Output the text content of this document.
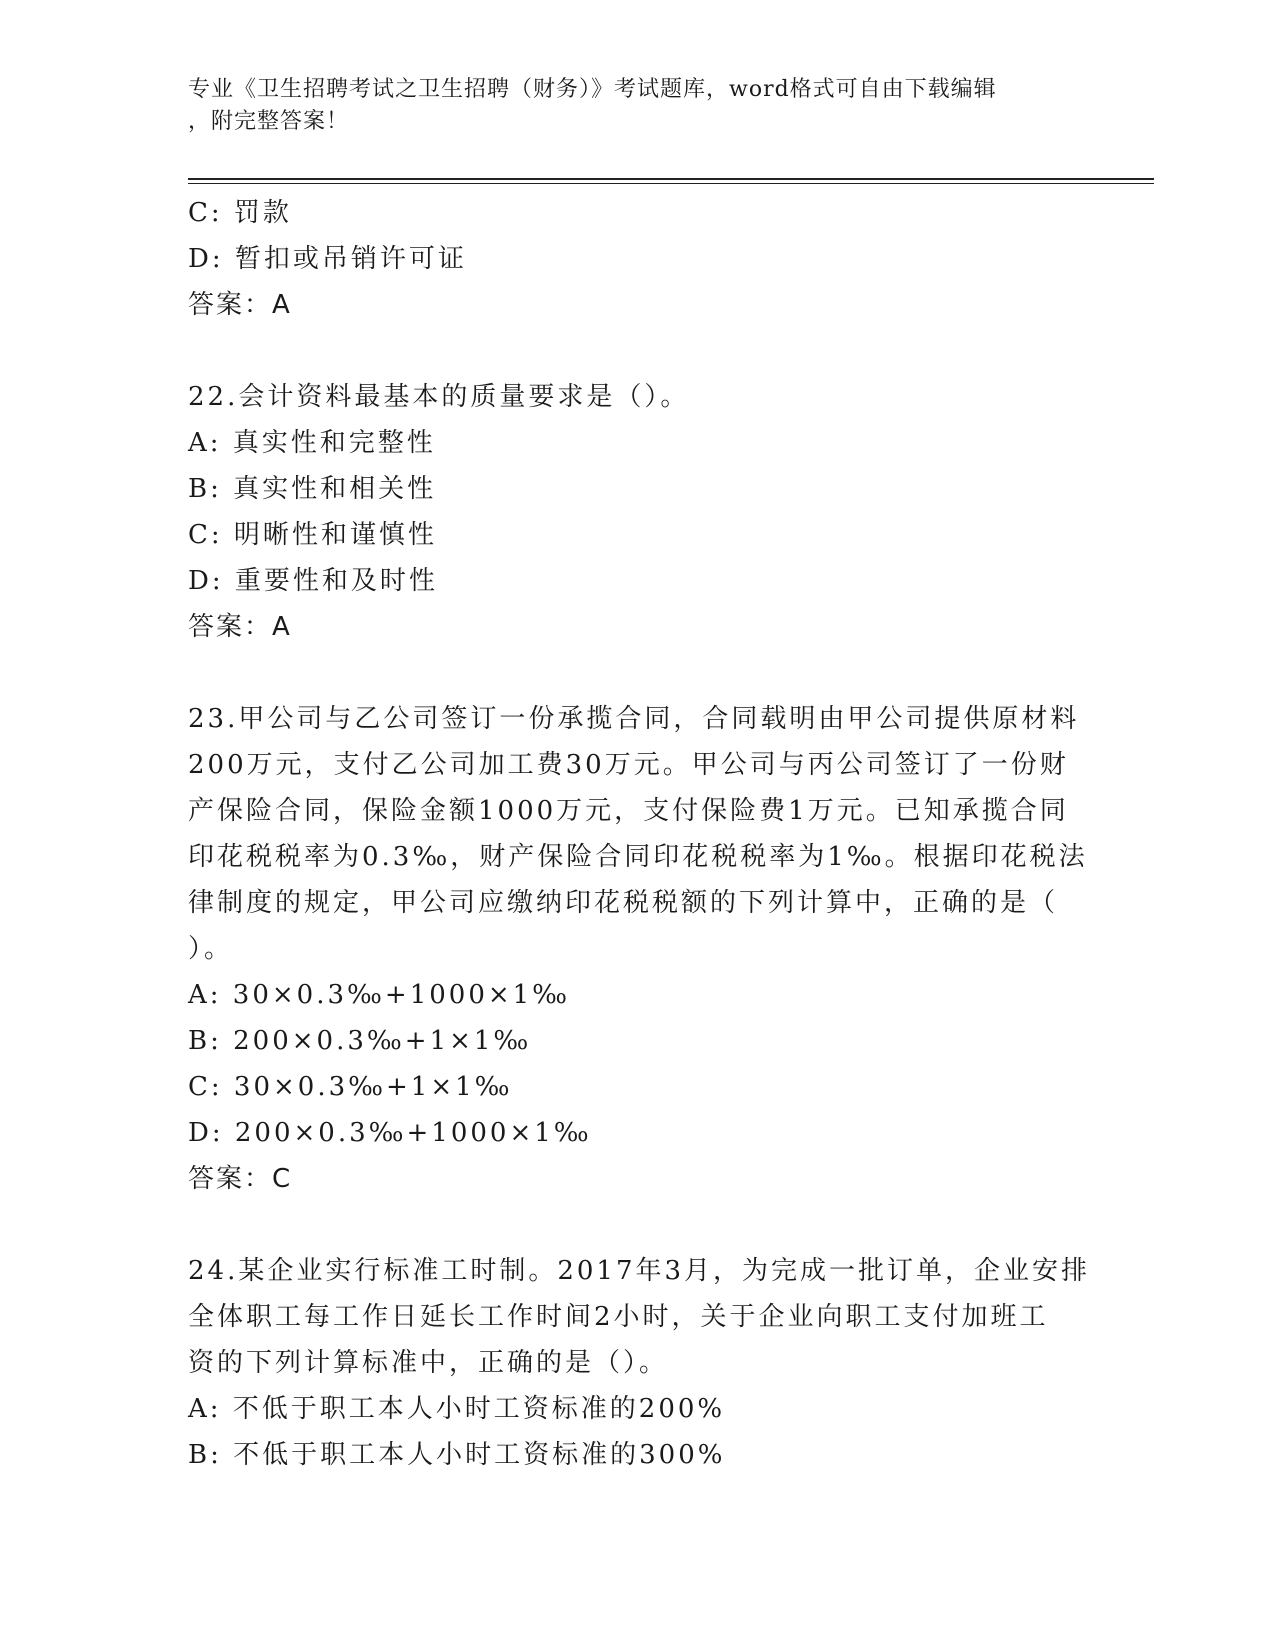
专业《卫生招聘考试之卫生招聘（财务）》考试题库，word格式可自由下载编辑
，附完整答案！
C: 罚款
D: 暂扣或吊销许可证
答案：A
22.会计资料最基本的质量要求是（）。
A: 真实性和完整性
B: 真实性和相关性
C: 明晰性和谨慎性
D: 重要性和及时性
答案：A
23.甲公司与乙公司签订一份承揽合同，合同载明由甲公司提供原材料
200万元，支付乙公司加工费30万元。甲公司与丙公司签订了一份财
产保险合同，保险金额1000万元，支付保险费1万元。已知承揽合同
印花税税率为0.3‰，财产保险合同印花税税率为1‰。根据印花税法
律制度的规定，甲公司应缴纳印花税税额的下列计算中，正确的是（
）。
A: 30×0.3‰+1000×1‰
B: 200×0.3‰+1×1‰
C: 30×0.3‰+1×1‰
D: 200×0.3‰+1000×1‰
答案：C
24.某企业实行标准工时制。2017年3月，为完成一批订单，企业安排
全体职工每工作日延长工作时间2小时，关于企业向职工支付加班工
资的下列计算标准中，正确的是（）。
A: 不低于职工本人小时工资标准的200%
B: 不低于职工本人小时工资标准的300%
